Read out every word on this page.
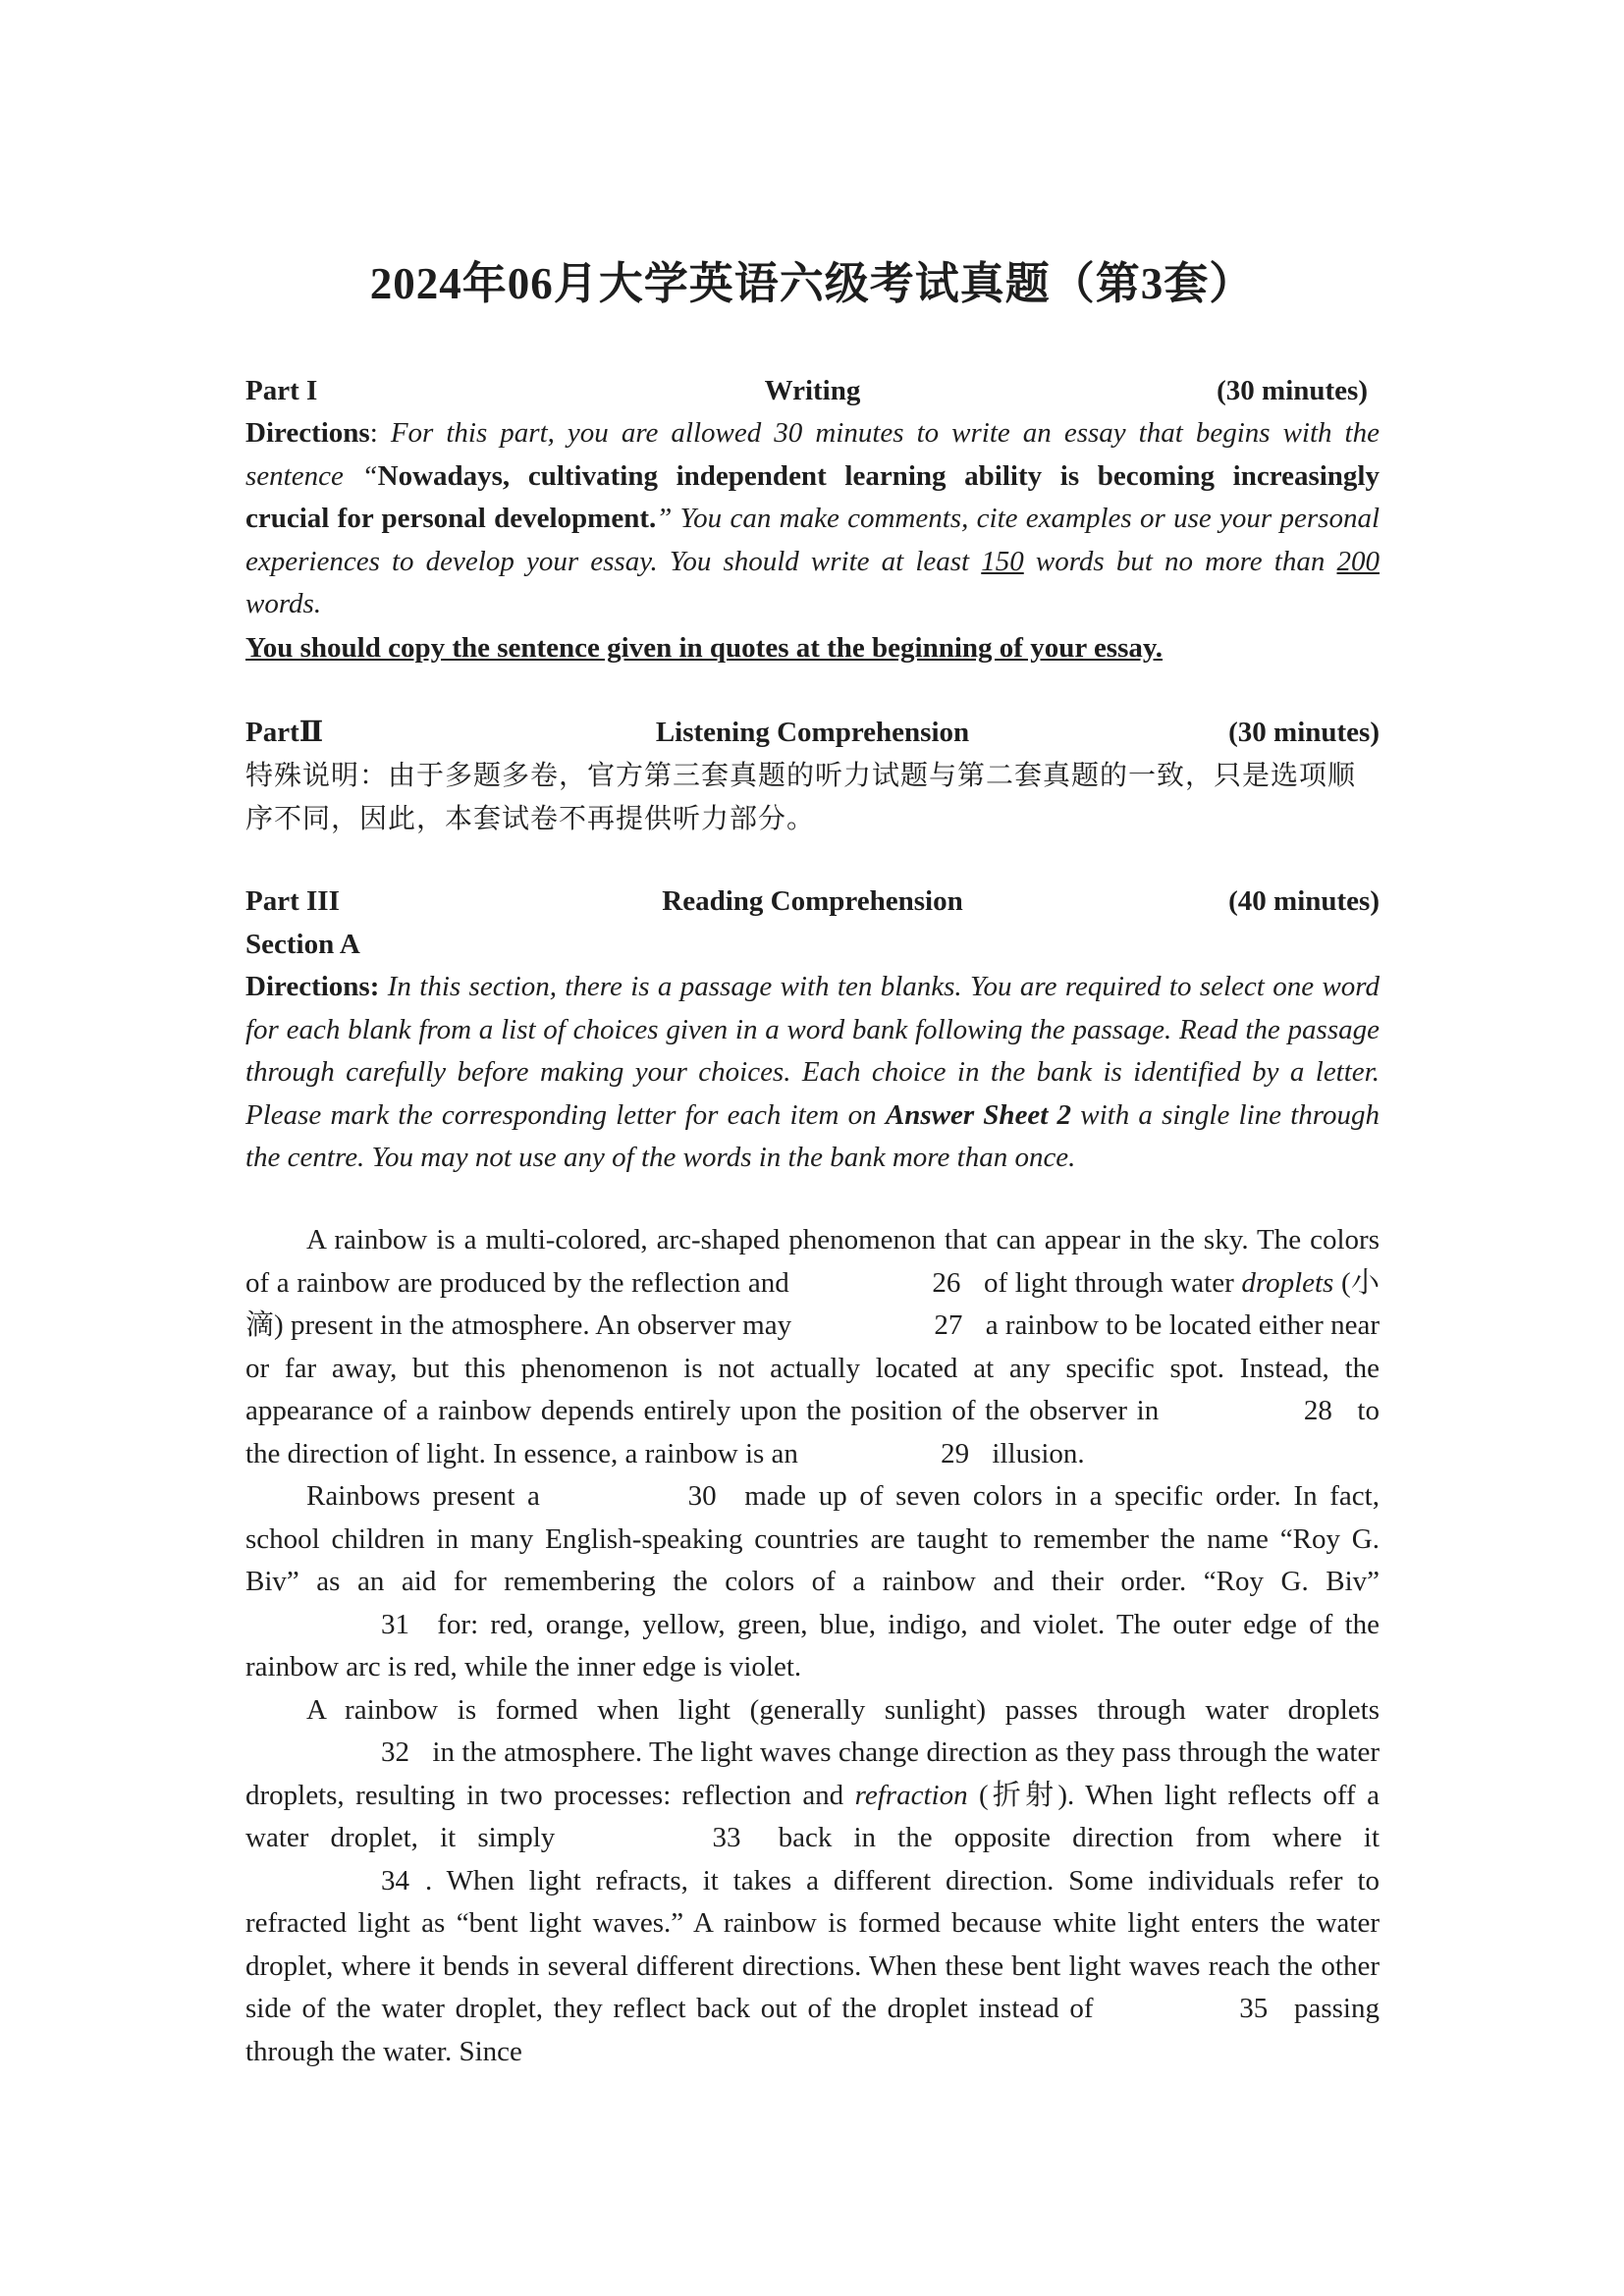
2024年06月大学英语六级考试真题（第3套）
Part I	Writing	(30 minutes)

Directions: For this part, you are allowed 30 minutes to write an essay that begins with the sentence “Nowadays, cultivating independent learning ability is becoming increasingly crucial for personal development.” You can make comments, cite examples or use your personal experiences to develop your essay. You should write at least 150 words but no more than 200 words.

You should copy the sentence given in quotes at the beginning of your essay.
PartⅡ	Listening Comprehension	(30 minutes)

特殊说明：由于多题多卷，官方第三套真题的听力试题与第二套真题的一致，只是选项顺序不同，因此，本套试卷不再提供听力部分。

Part III	Reading Comprehension	(40 minutes)
Section A

Directions: In this section, there is a passage with ten blanks. You are required to select one word for each blank from a list of choices given in a word bank following the passage. Read the passage through carefully before making your choices. Each choice in the bank is identified by a letter. Please mark the corresponding letter for each item on Answer Sheet 2 with a single line through the centre. You may not use any of the words in the bank more than once.

A rainbow is a multi-colored, arc-shaped phenomenon that can appear in the sky. The colors of a rainbow are produced by the reflection and	26 of light through water droplets (小滴) present in the atmosphere. An observer may	27 a rainbow to be located either near or far away, but this phenomenon is not actually located at any specific spot. Instead, the appearance of a rainbow depends entirely upon the position of the observer in	28 to the direction of light. In essence, a rainbow is an	29 illusion.

Rainbows present a	30 made up of seven colors in a specific order. In fact, school children in many English-speaking countries are taught to remember the name “Roy G. Biv” as an aid for remembering the colors of a rainbow and their order. “Roy G. Biv” 31 for: red, orange, yellow, green, blue, indigo, and violet. The outer edge of the rainbow arc is red, while the inner edge is violet.

A rainbow is formed when light (generally sunlight) passes through water droplets 32 in the atmosphere. The light waves change direction as they pass through the water droplets, resulting in two processes: reflection and refraction (折射). When light reflects off a water droplet, it simply	33 back in the opposite direction from where it 34 . When light refracts, it takes a different direction. Some individuals refer to refracted light as “bent light waves.” A rainbow is formed because white light enters the water droplet, where it bends in several different directions. When these bent light waves reach the other side of the water droplet, they reflect back out of the droplet instead of	35 passing through the water. Since
